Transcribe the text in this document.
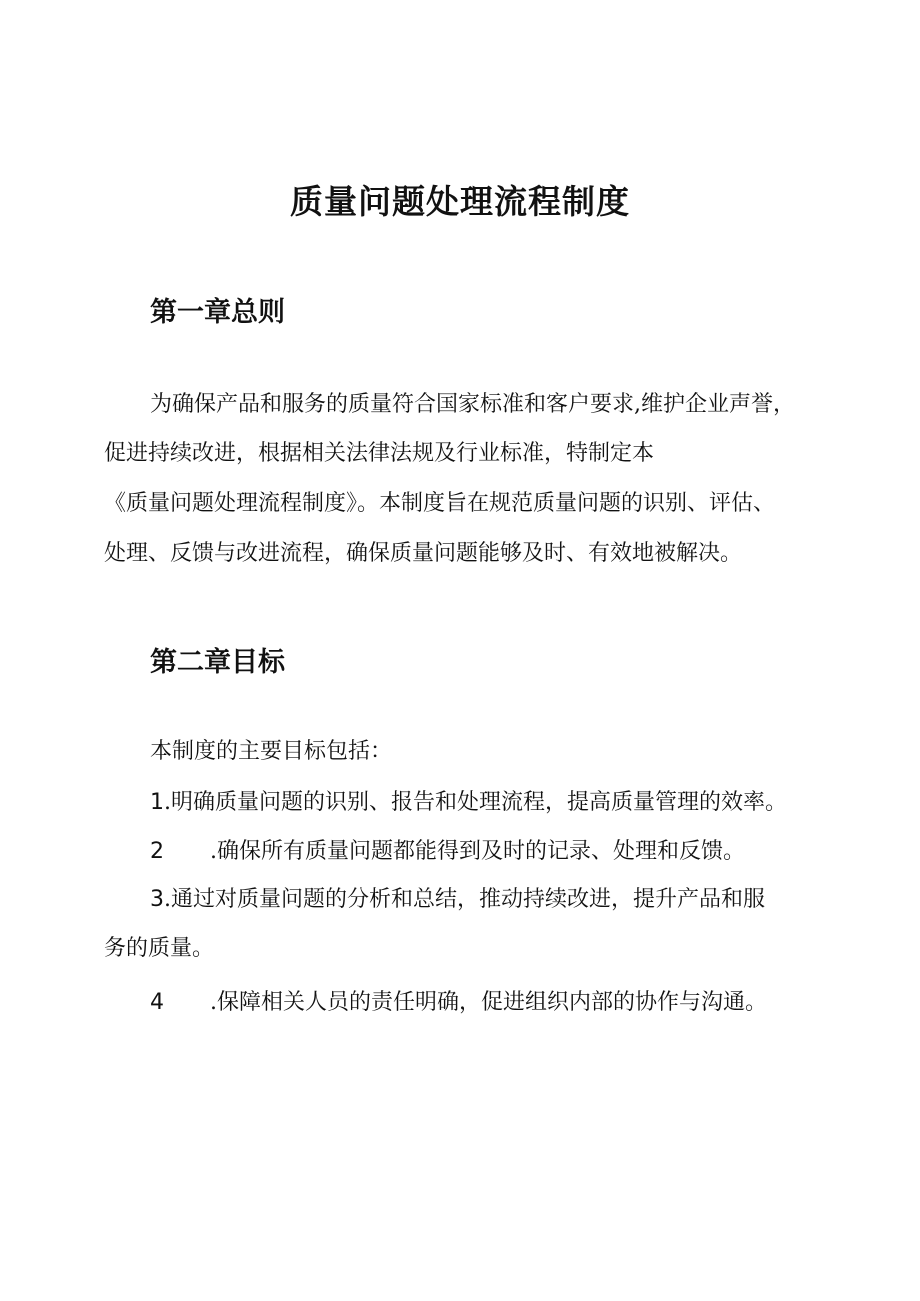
质量问题处理流程制度
第一章总则

为确保产品和服务的质量符合国家标准和客户要求,维护企业声誉，

促进持续改进，根据相关法律法规及行业标准，特制定本

《质量问题处理流程制度》。本制度旨在规范质量问题的识别、评估、

处理、反馈与改进流程，确保质量问题能够及时、有效地被解决。

第二章目标

本制度的主要目标包括：

1.明确质量问题的识别、报告和处理流程，提高质量管理的效率。

2 .确保所有质量问题都能得到及时的记录、处理和反馈。

3.通过对质量问题的分析和总结，推动持续改进，提升产品和服

务的质量。

4 .保障相关人员的责任明确，促进组织内部的协作与沟通。
